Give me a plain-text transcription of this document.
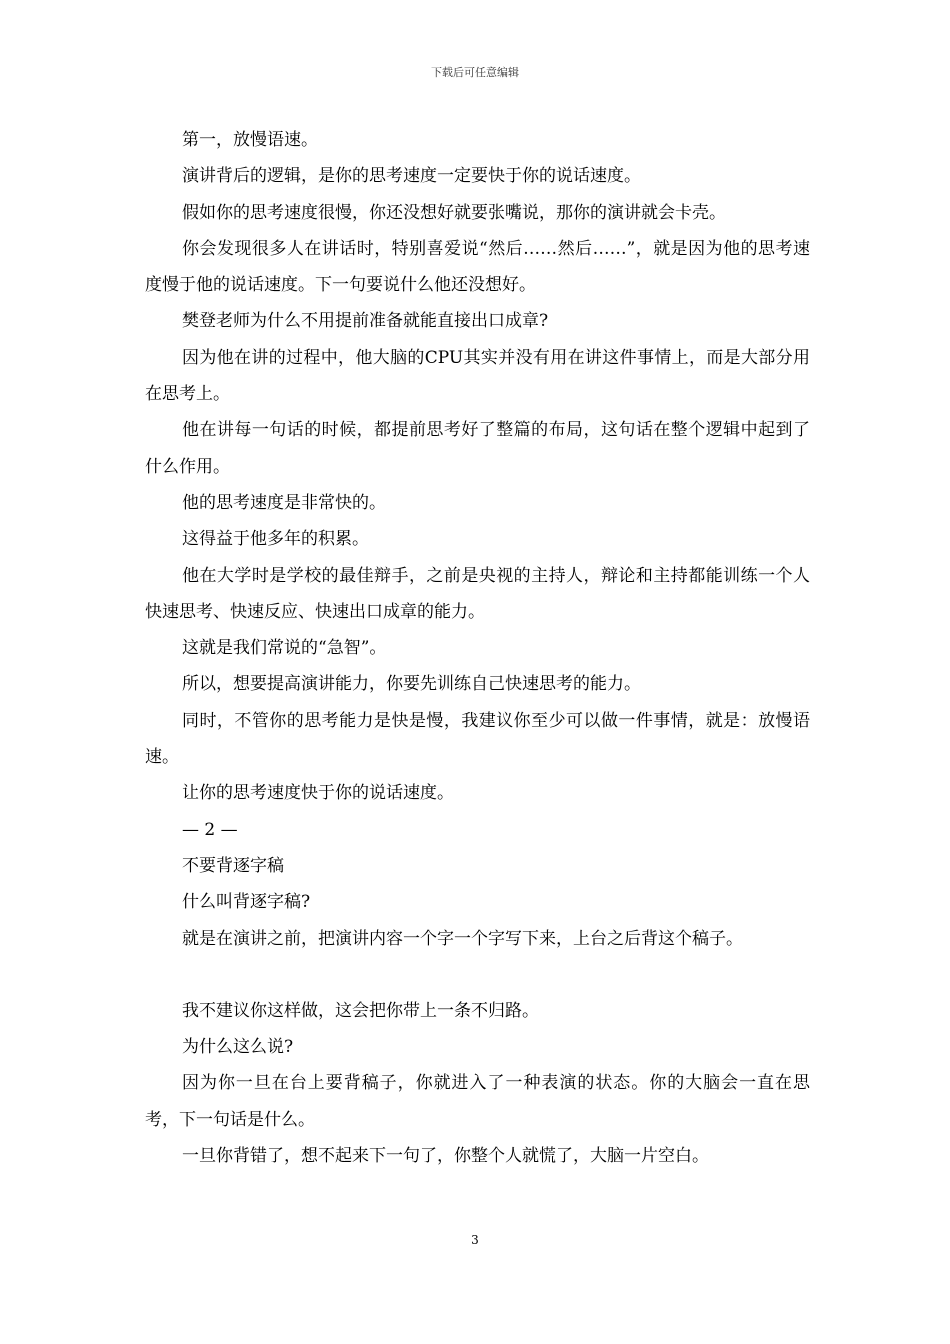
下载后可任意编辑

第一，放慢语速。

演讲背后的逻辑，是你的思考速度一定要快于你的说话速度。

假如你的思考速度很慢，你还没想好就要张嘴说，那你的演讲就会卡壳。

你会发现很多人在讲话时，特别喜爱说“然后……然后……”，就是因为他的思考速度慢于他的说话速度。下一句要说什么他还没想好。

樊登老师为什么不用提前准备就能直接出口成章?

因为他在讲的过程中，他大脑的CPU其实并没有用在讲这件事情上，而是大部分用在思考上。

他在讲每一句话的时候，都提前思考好了整篇的布局，这句话在整个逻辑中起到了什么作用。

他的思考速度是非常快的。

这得益于他多年的积累。

他在大学时是学校的最佳辩手，之前是央视的主持人，辩论和主持都能训练一个人快速思考、快速反应、快速出口成章的能力。

这就是我们常说的“急智”。

所以，想要提高演讲能力，你要先训练自己快速思考的能力。

同时，不管你的思考能力是快是慢，我建议你至少可以做一件事情，就是：放慢语速。

让你的思考速度快于你的说话速度。

— 2 —

不要背逐字稿

什么叫背逐字稿?

就是在演讲之前，把演讲内容一个字一个字写下来，上台之后背这个稿子。

我不建议你这样做，这会把你带上一条不归路。

为什么这么说?

因为你一旦在台上要背稿子，你就进入了一种表演的状态。你的大脑会一直在思考，下一句话是什么。

一旦你背错了，想不起来下一句了，你整个人就慌了，大脑一片空白。

3
